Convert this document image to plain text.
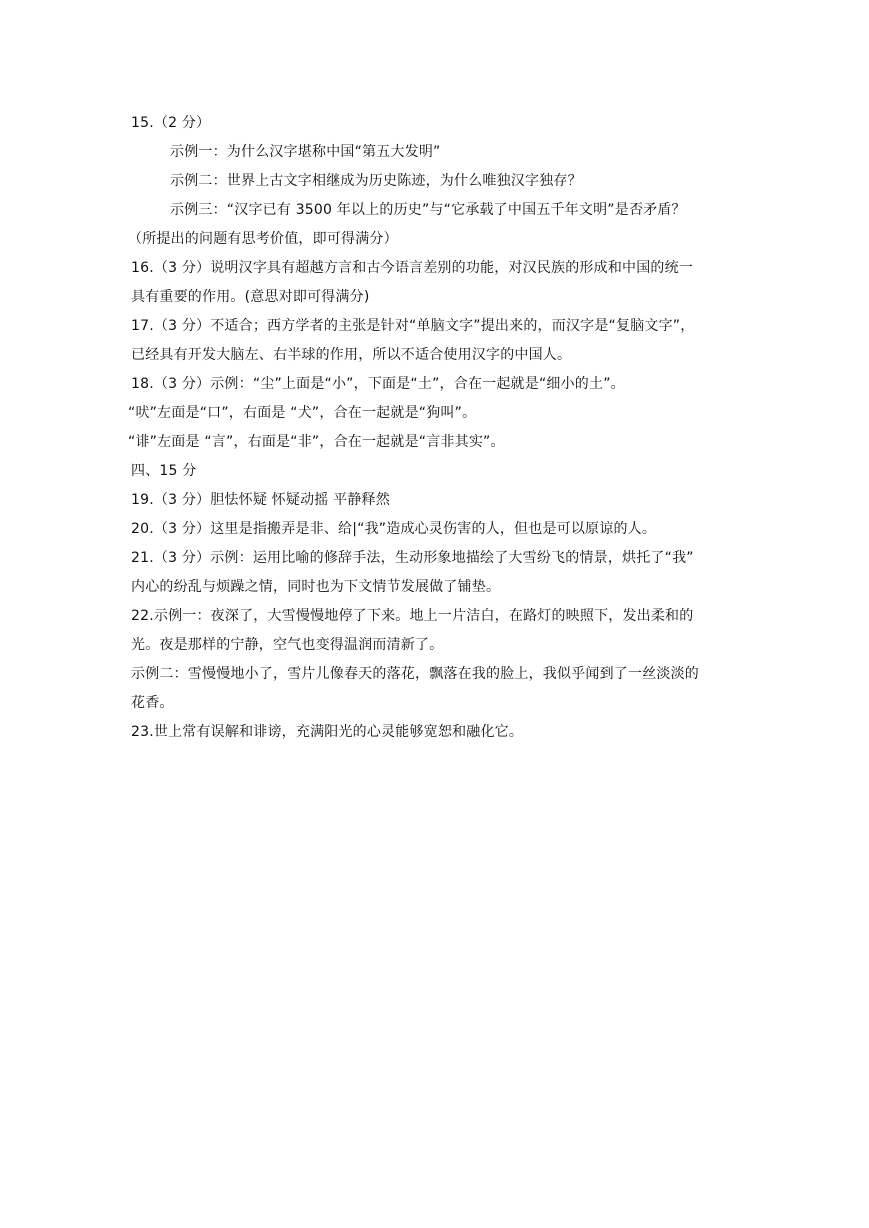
15.（2 分）
示例一：为什么汉字堪称中国“第五大发明”
示例二：世界上古文字相继成为历史陈迹，为什么唯独汉字独存？
示例三：“汉字已有 3500 年以上的历史”与“它承载了中国五千年文明”是否矛盾？
（所提出的问题有思考价值，即可得满分）
16.（3 分）说明汉字具有超越方言和古今语言差别的功能，对汉民族的形成和中国的统一
具有重要的作用。(意思对即可得满分)
17.（3 分）不适合；西方学者的主张是针对“单脑文字”提出来的，而汉字是“复脑文字”，
已经具有开发大脑左、右半球的作用，所以不适合使用汉字的中国人。
18.（3 分）示例：“尘”上面是“小”，下面是“土”，合在一起就是“细小的土”。
“吠”左面是“口”，右面是 “犬”，合在一起就是“狗叫”。
“诽”左面是 “言”，右面是“非”，合在一起就是“言非其实”。
四、15 分
19.（3 分）胆怯怀疑 怀疑动摇 平静释然
20.（3 分）这里是指搬弄是非、给|“我”造成心灵伤害的人，但也是可以原谅的人。
21.（3 分）示例：运用比喻的修辞手法，生动形象地描绘了大雪纷飞的情景，烘托了“我”
内心的纷乱与烦躁之情，同时也为下文情节发展做了铺垫。
22.示例一：夜深了，大雪慢慢地停了下来。地上一片洁白，在路灯的映照下，发出柔和的
光。夜是那样的宁静，空气也变得温润而清新了。
示例二：雪慢慢地小了，雪片儿像春天的落花，飘落在我的脸上，我似乎闻到了一丝淡淡的
花香。
23.世上常有误解和诽谤，充满阳光的心灵能够宽恕和融化它。
